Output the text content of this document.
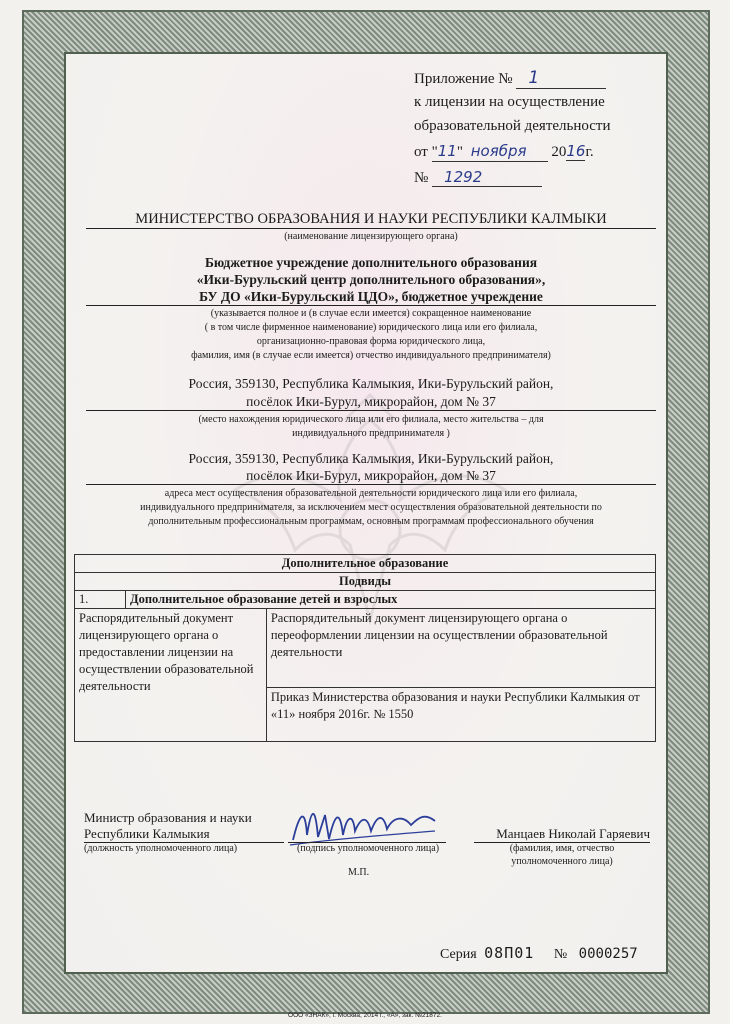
Приложение № 1
к лицензии на осуществление
образовательной деятельности
от "11" ноября 2016г.
№ 1292
МИНИСТЕРСТВО ОБРАЗОВАНИЯ И НАУКИ РЕСПУБЛИКИ КАЛМЫКИ
(наименование лицензирующего органа)
Бюджетное учреждение дополнительного образования
«Ики-Бурульский центр дополнительного образования»,
БУ ДО «Ики-Бурульский ЦДО», бюджетное учреждение
(указывается полное и (в случае если имеется) сокращенное наименование
( в том числе фирменное наименование) юридического лица или его филиала,
организационно-правовая форма юридического лица,
фамилия, имя (в случае если имеется) отчество индивидуального предпринимателя)
Россия, 359130, Республика Калмыкия, Ики-Бурульский район,
посёлок Ики-Бурул, микрорайон, дом № 37
(место нахождения юридического лица или его филиала, место жительства – для
индивидуального предпринимателя )
Россия, 359130, Республика Калмыкия, Ики-Бурульский район,
посёлок Ики-Бурул, микрорайон, дом № 37
адреса мест осуществления образовательной деятельности юридического лица или его филиала,
индивидуального предпринимателя, за исключением мест осуществления образовательной деятельности по
дополнительным профессиональным программам, основным программам профессионального обучения
Дополнительное образование		
Подвиды		
1.	Дополнительное образование детей и взрослых	
Распорядительный документ лицензирующего органа о предоставлении лицензии на осуществлении образовательной деятельности		Распорядительный документ лицензирующего органа о переоформлении лицензии на осуществлении образовательной деятельности
		Приказ Министерства образования и науки Республики Калмыкия от «11» ноября 2016г. № 1550
Министр образования и науки
Республики Калмыкия
(должность уполномоченного лица)	(подпись уполномоченного лица)
М.П.
Манцаев Николай Гаряевич
(фамилия, имя, отчество
уполномоченного лица)
Серия 08П01 № 0000257
ООО «ЗНАК», г. Москва, 2014 г., «А», зак. №21872.
